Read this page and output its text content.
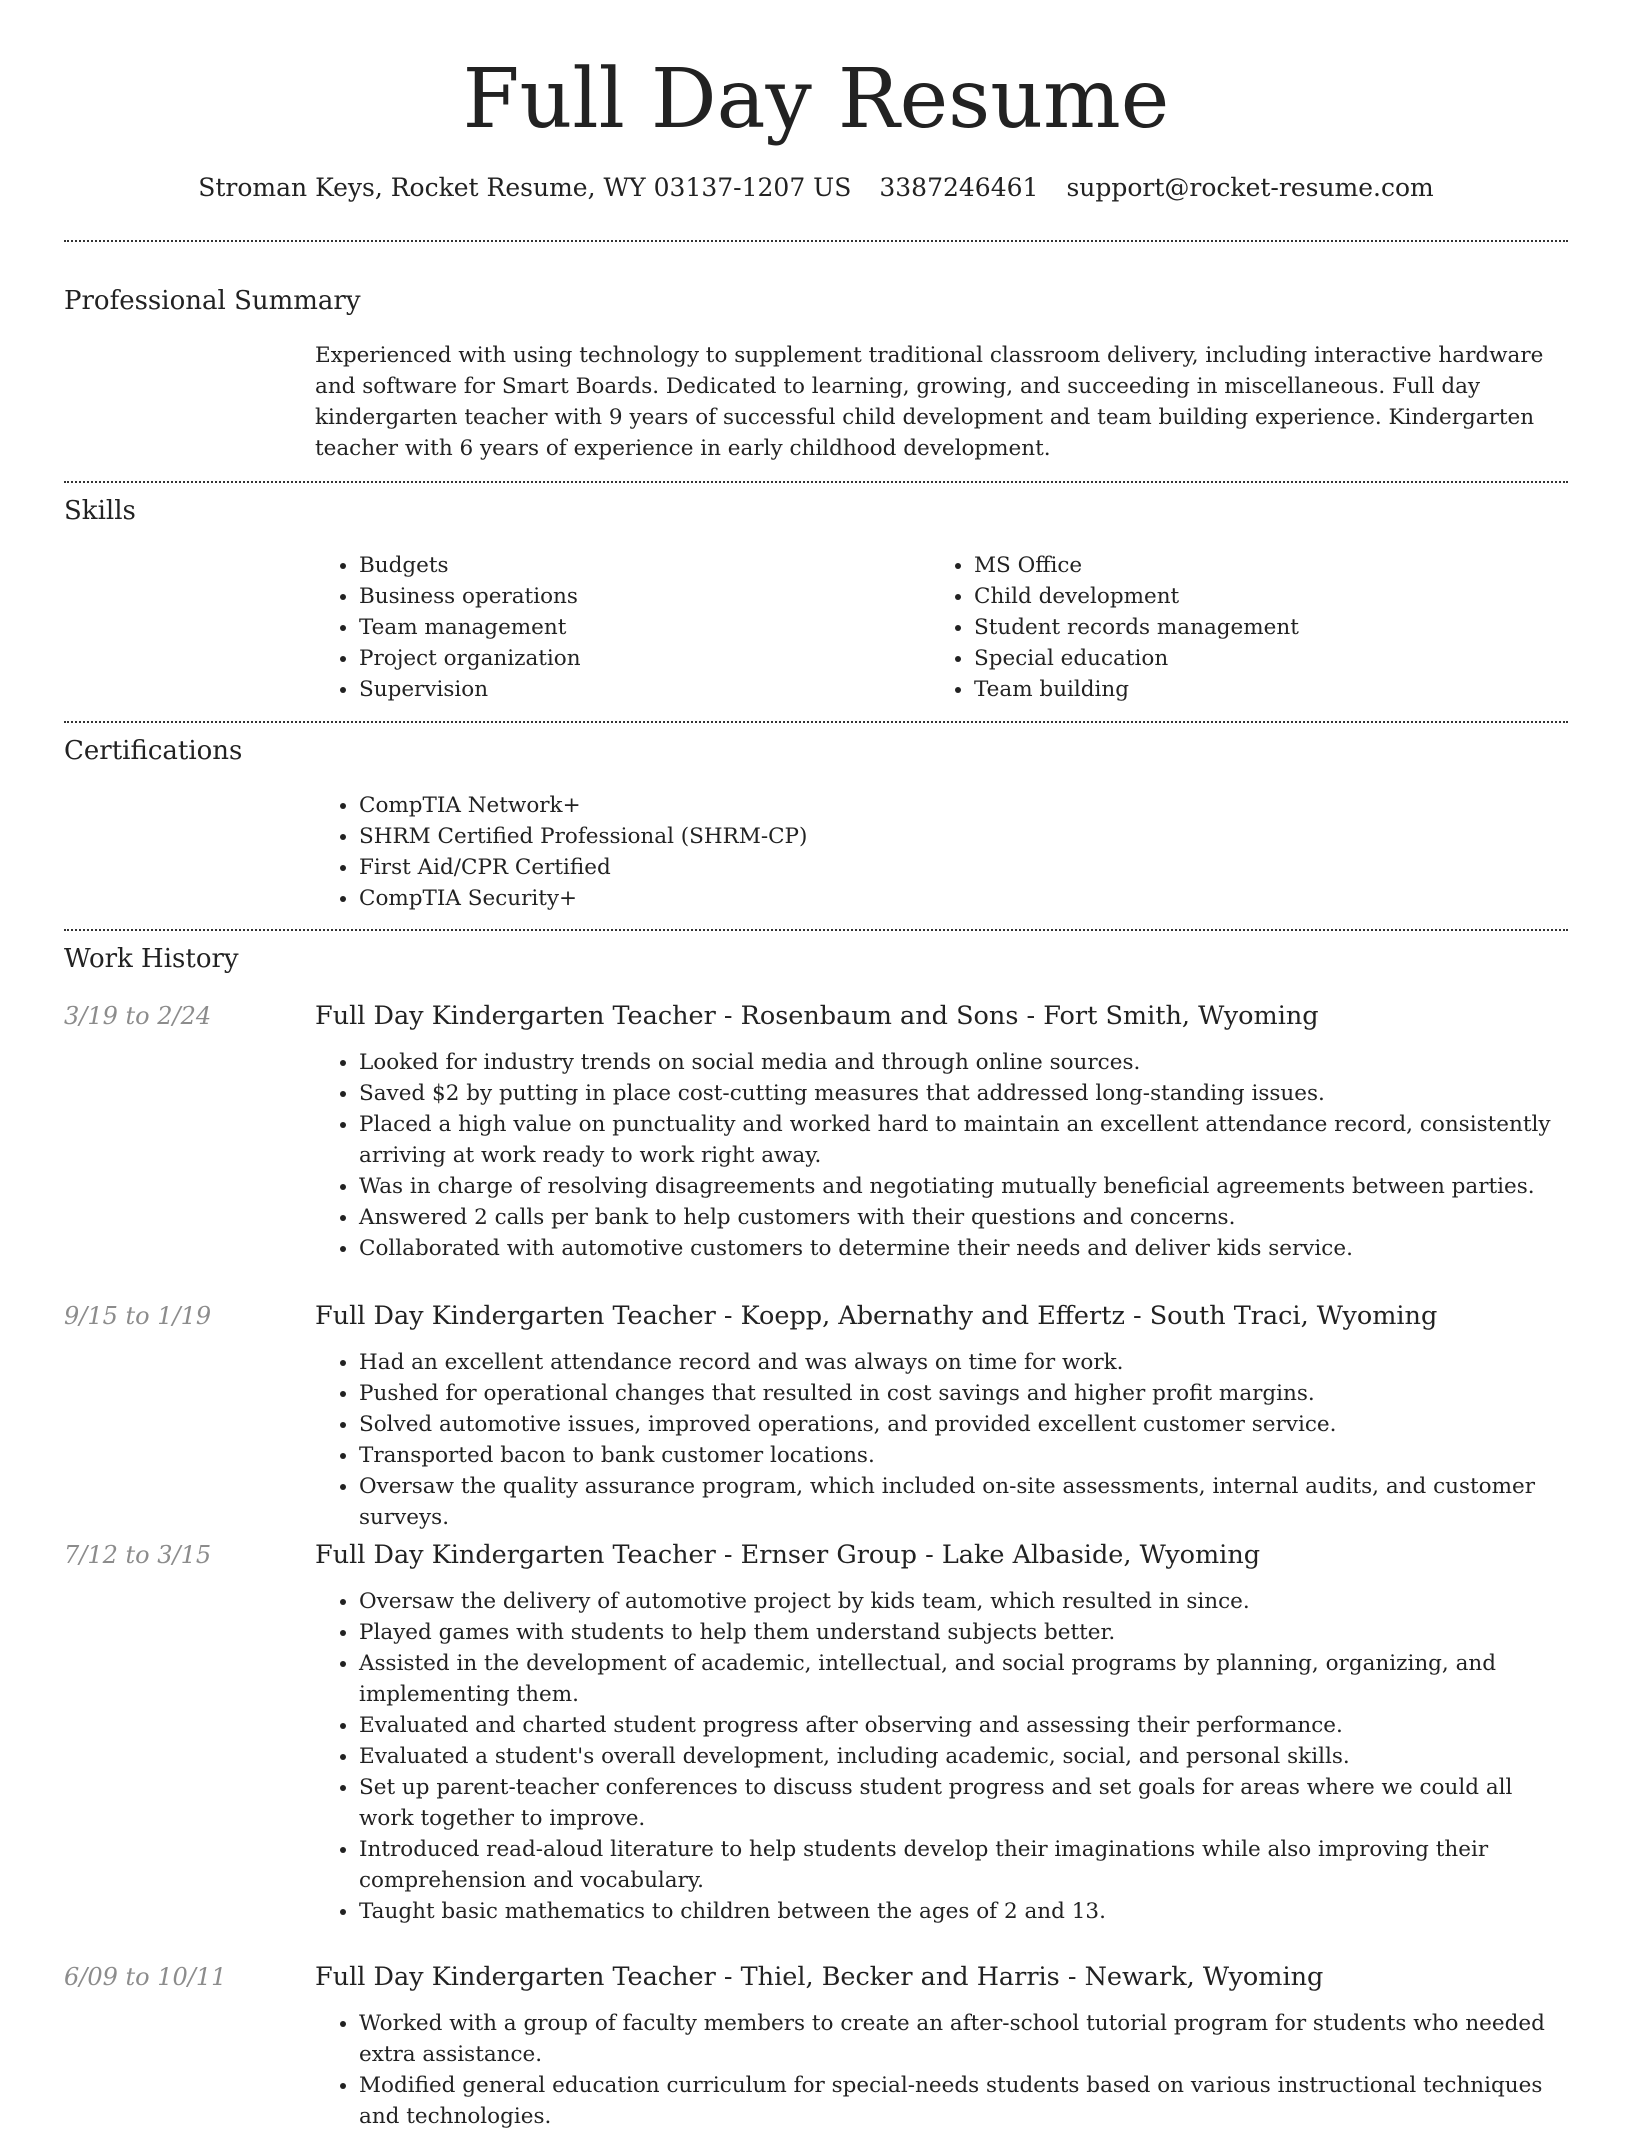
Full Day Resume
Stroman Keys, Rocket Resume, WY 03137-1207 US 3387246461 support@rocket-resume.com
Professional Summary
Experienced with using technology to supplement traditional classroom delivery, including interactive hardware and software for Smart Boards. Dedicated to learning, growing, and succeeding in miscellaneous. Full day kindergarten teacher with 9 years of successful child development and team building experience. Kindergarten teacher with 6 years of experience in early childhood development.
Skills
• Budgets
• Business operations
• Team management
• Project organization
• Supervision
• MS Office
• Child development
• Student records management
• Special education
• Team building
Certifications
• CompTIA Network+
• SHRM Certified Professional (SHRM-CP)
• First Aid/CPR Certified
• CompTIA Security+
Work History
3/19 to 2/24	Full Day Kindergarten Teacher - Rosenbaum and Sons - Fort Smith, Wyoming
• Looked for industry trends on social media and through online sources.
• Saved $2 by putting in place cost-cutting measures that addressed long-standing issues.
• Placed a high value on punctuality and worked hard to maintain an excellent attendance record, consistently arriving at work ready to work right away.
• Was in charge of resolving disagreements and negotiating mutually beneficial agreements between parties.
• Answered 2 calls per bank to help customers with their questions and concerns.
• Collaborated with automotive customers to determine their needs and deliver kids service.
9/15 to 1/19	Full Day Kindergarten Teacher - Koepp, Abernathy and Effertz - South Traci, Wyoming
• Had an excellent attendance record and was always on time for work.
• Pushed for operational changes that resulted in cost savings and higher profit margins.
• Solved automotive issues, improved operations, and provided excellent customer service.
• Transported bacon to bank customer locations.
• Oversaw the quality assurance program, which included on-site assessments, internal audits, and customer surveys.
7/12 to 3/15	Full Day Kindergarten Teacher - Ernser Group - Lake Albaside, Wyoming
• Oversaw the delivery of automotive project by kids team, which resulted in since.
• Played games with students to help them understand subjects better.
• Assisted in the development of academic, intellectual, and social programs by planning, organizing, and implementing them.
• Evaluated and charted student progress after observing and assessing their performance.
• Evaluated a student's overall development, including academic, social, and personal skills.
• Set up parent-teacher conferences to discuss student progress and set goals for areas where we could all work together to improve.
• Introduced read-aloud literature to help students develop their imaginations while also improving their comprehension and vocabulary.
• Taught basic mathematics to children between the ages of 2 and 13.
6/09 to 10/11	Full Day Kindergarten Teacher - Thiel, Becker and Harris - Newark, Wyoming
• Worked with a group of faculty members to create an after-school tutorial program for students who needed extra assistance.
• Modified general education curriculum for special-needs students based on various instructional techniques and technologies.
